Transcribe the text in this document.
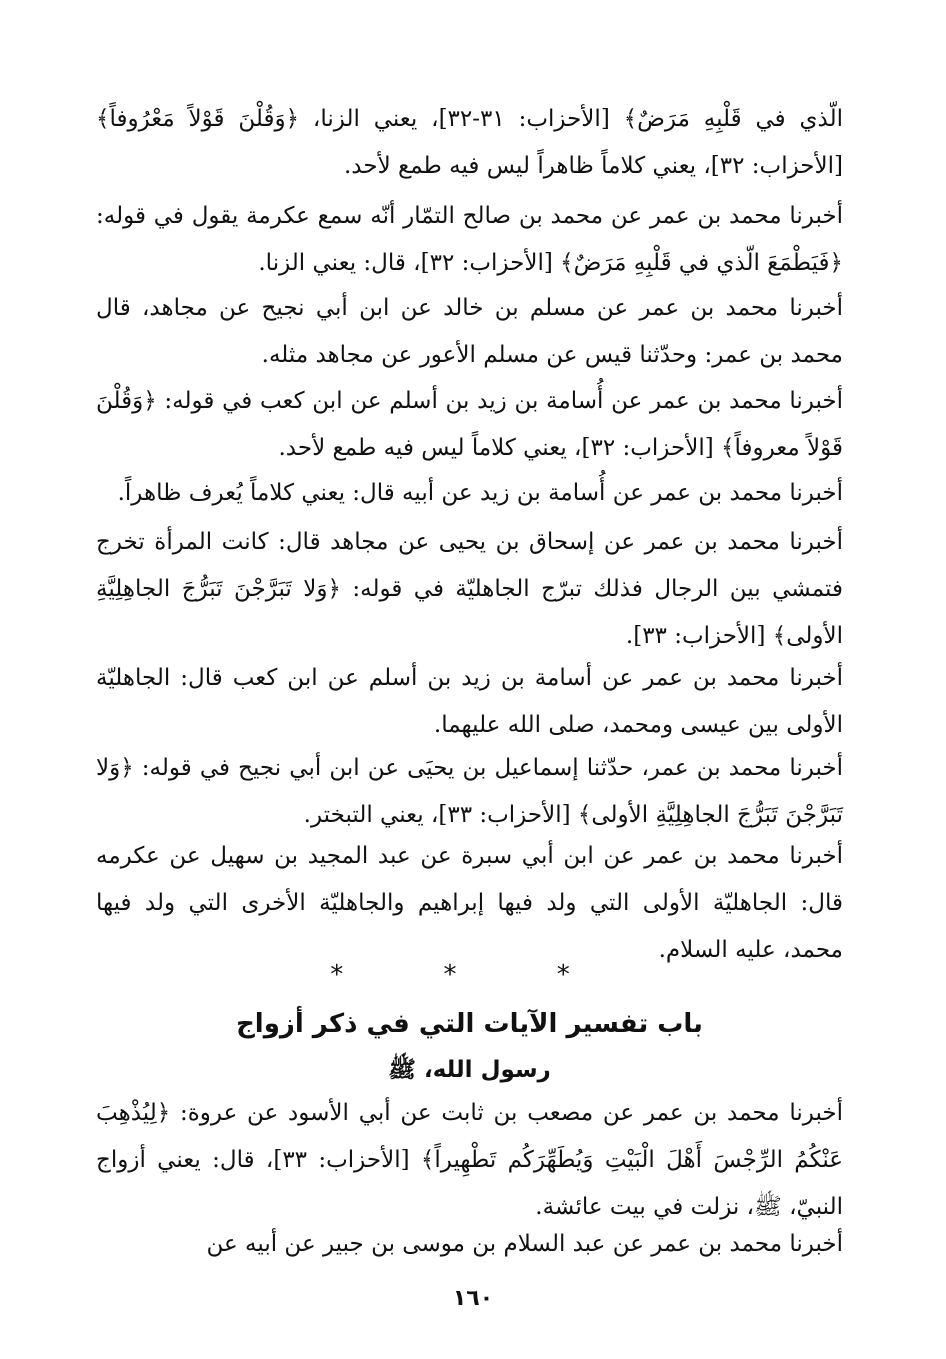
الّذي في قَلْبِهِ مَرَضٌ﴾ [الأحزاب: ٣١-٣٢]، يعني الزنا، ﴿وَقُلْنَ قَوْلاً مَعْرُوفاً﴾ [الأحزاب: ٣٢]، يعني كلاماً ظاهراً ليس فيه طمع لأحد.

أخبرنا محمد بن عمر عن محمد بن صالح التمّار أنّه سمع عكرمة يقول في قوله: ﴿فَيَطْمَعَ الّذي في قَلْبِهِ مَرَضٌ﴾ [الأحزاب: ٣٢]، قال: يعني الزنا.

أخبرنا محمد بن عمر عن مسلم بن خالد عن ابن أبي نجيح عن مجاهد، قال محمد بن عمر: وحدّثنا قيس عن مسلم الأعور عن مجاهد مثله.

أخبرنا محمد بن عمر عن أُسامة بن زيد بن أسلم عن ابن كعب في قوله: ﴿وَقُلْنَ قَوْلاً معروفاً﴾ [الأحزاب: ٣٢]، يعني كلاماً ليس فيه طمع لأحد.

أخبرنا محمد بن عمر عن أُسامة بن زيد عن أبيه قال: يعني كلاماً يُعرف ظاهراً.

أخبرنا محمد بن عمر عن إسحاق بن يحيى عن مجاهد قال: كانت المرأة تخرج فتمشي بين الرجال فذلك تبرّج الجاهليّة في قوله: ﴿وَلا تَبَرَّجْنَ تَبَرُّجَ الجاهِلِيَّةِ الأولى﴾ [الأحزاب: ٣٣].

أخبرنا محمد بن عمر عن أسامة بن زيد بن أسلم عن ابن كعب قال: الجاهليّة الأولى بين عيسى ومحمد، صلى الله عليهما.

أخبرنا محمد بن عمر، حدّثنا إسماعيل بن يحيَى عن ابن أبي نجيح في قوله: ﴿وَلا تَبَرَّجْنَ تَبَرُّجَ الجاهِلِيَّةِ الأولى﴾ [الأحزاب: ٣٣]، يعني التبختر.

أخبرنا محمد بن عمر عن ابن أبي سبرة عن عبد المجيد بن سهيل عن عكرمه قال: الجاهليّة الأولى التي ولد فيها إبراهيم والجاهليّة الأخرى التي ولد فيها محمد، عليه السلام.

* * *
باب تفسير الآيات التي في ذكر أزواج
رسول الله، ﷺ

أخبرنا محمد بن عمر عن مصعب بن ثابت عن أبي الأسود عن عروة: ﴿لِيُذْهِبَ عَنْكُمُ الرِّجْسَ أَهْلَ الْبَيْتِ وَيُطَهِّرَكُم تَطْهِيراً﴾ [الأحزاب: ٣٣]، قال: يعني أزواج النبيّ، ﷺ، نزلت في بيت عائشة.

أخبرنا محمد بن عمر عن عبد السلام بن موسى بن جبير عن أبيه عن

١٦٠
